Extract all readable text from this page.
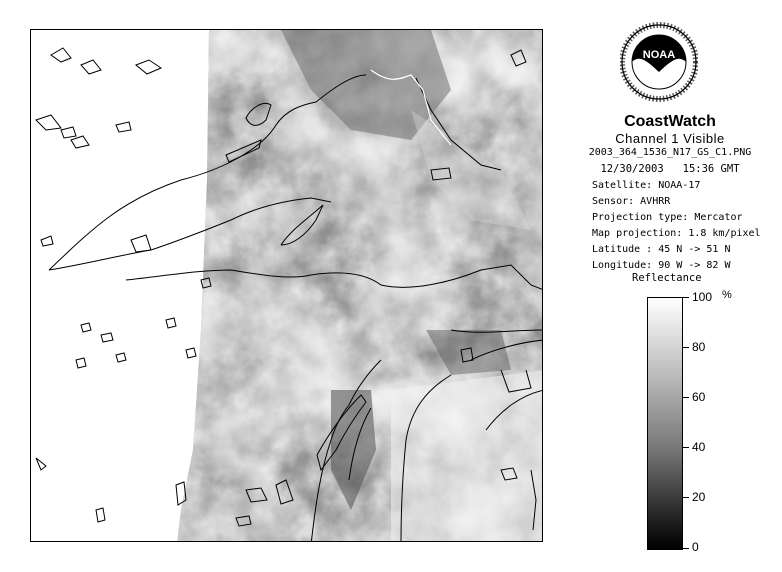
NOAA
CoastWatch
Channel 1 Visible
2003_364_1536_N17_GS_C1.PNG
12/30/2003   15:36 GMT
Satellite: NOAA-17
Sensor: AVHRR
Projection type: Mercator
Map projection: 1.8 km/pixel
Latitude : 45 N -> 51 N
Longitude: 90 W -> 82 W
Reflectance
%
100
80
60
40
20
0
